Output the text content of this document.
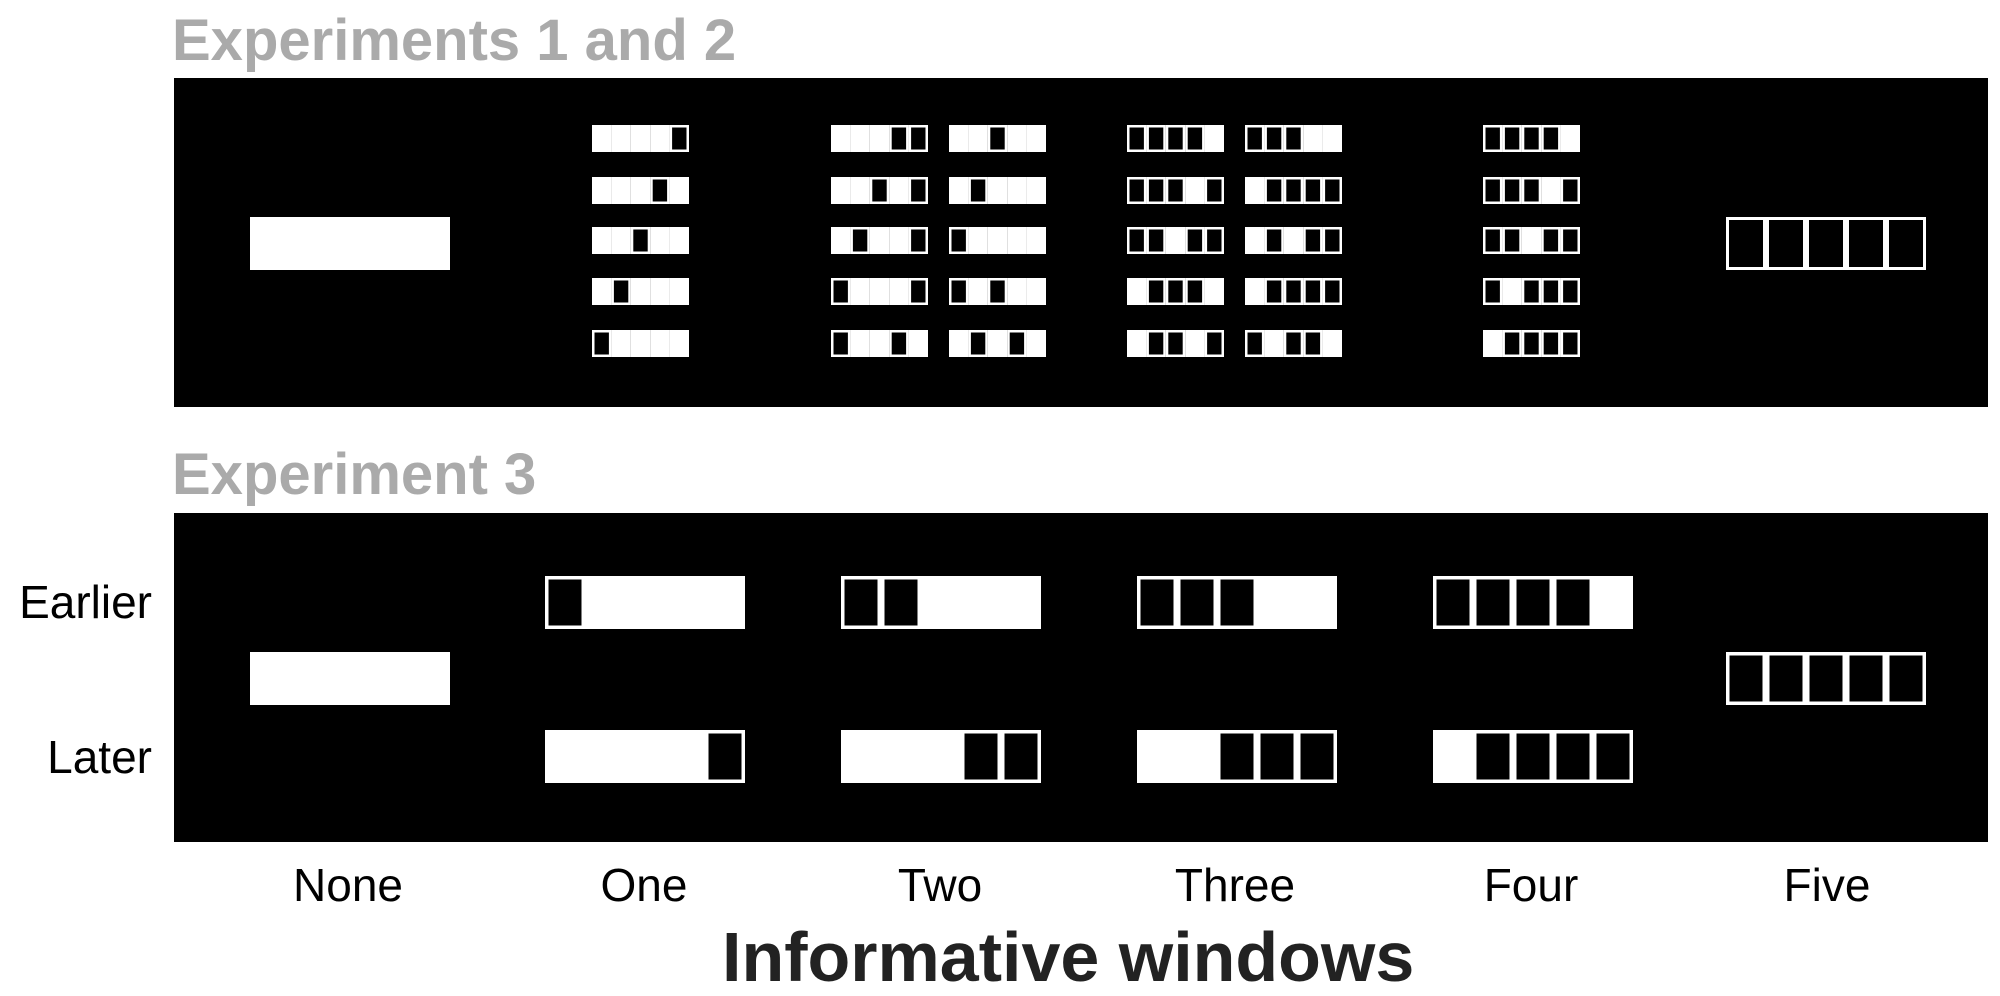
Experiments 1 and 2
Experiment 3
Earlier
Later
None	One	Two	Three	Four	Five
Informative windows
